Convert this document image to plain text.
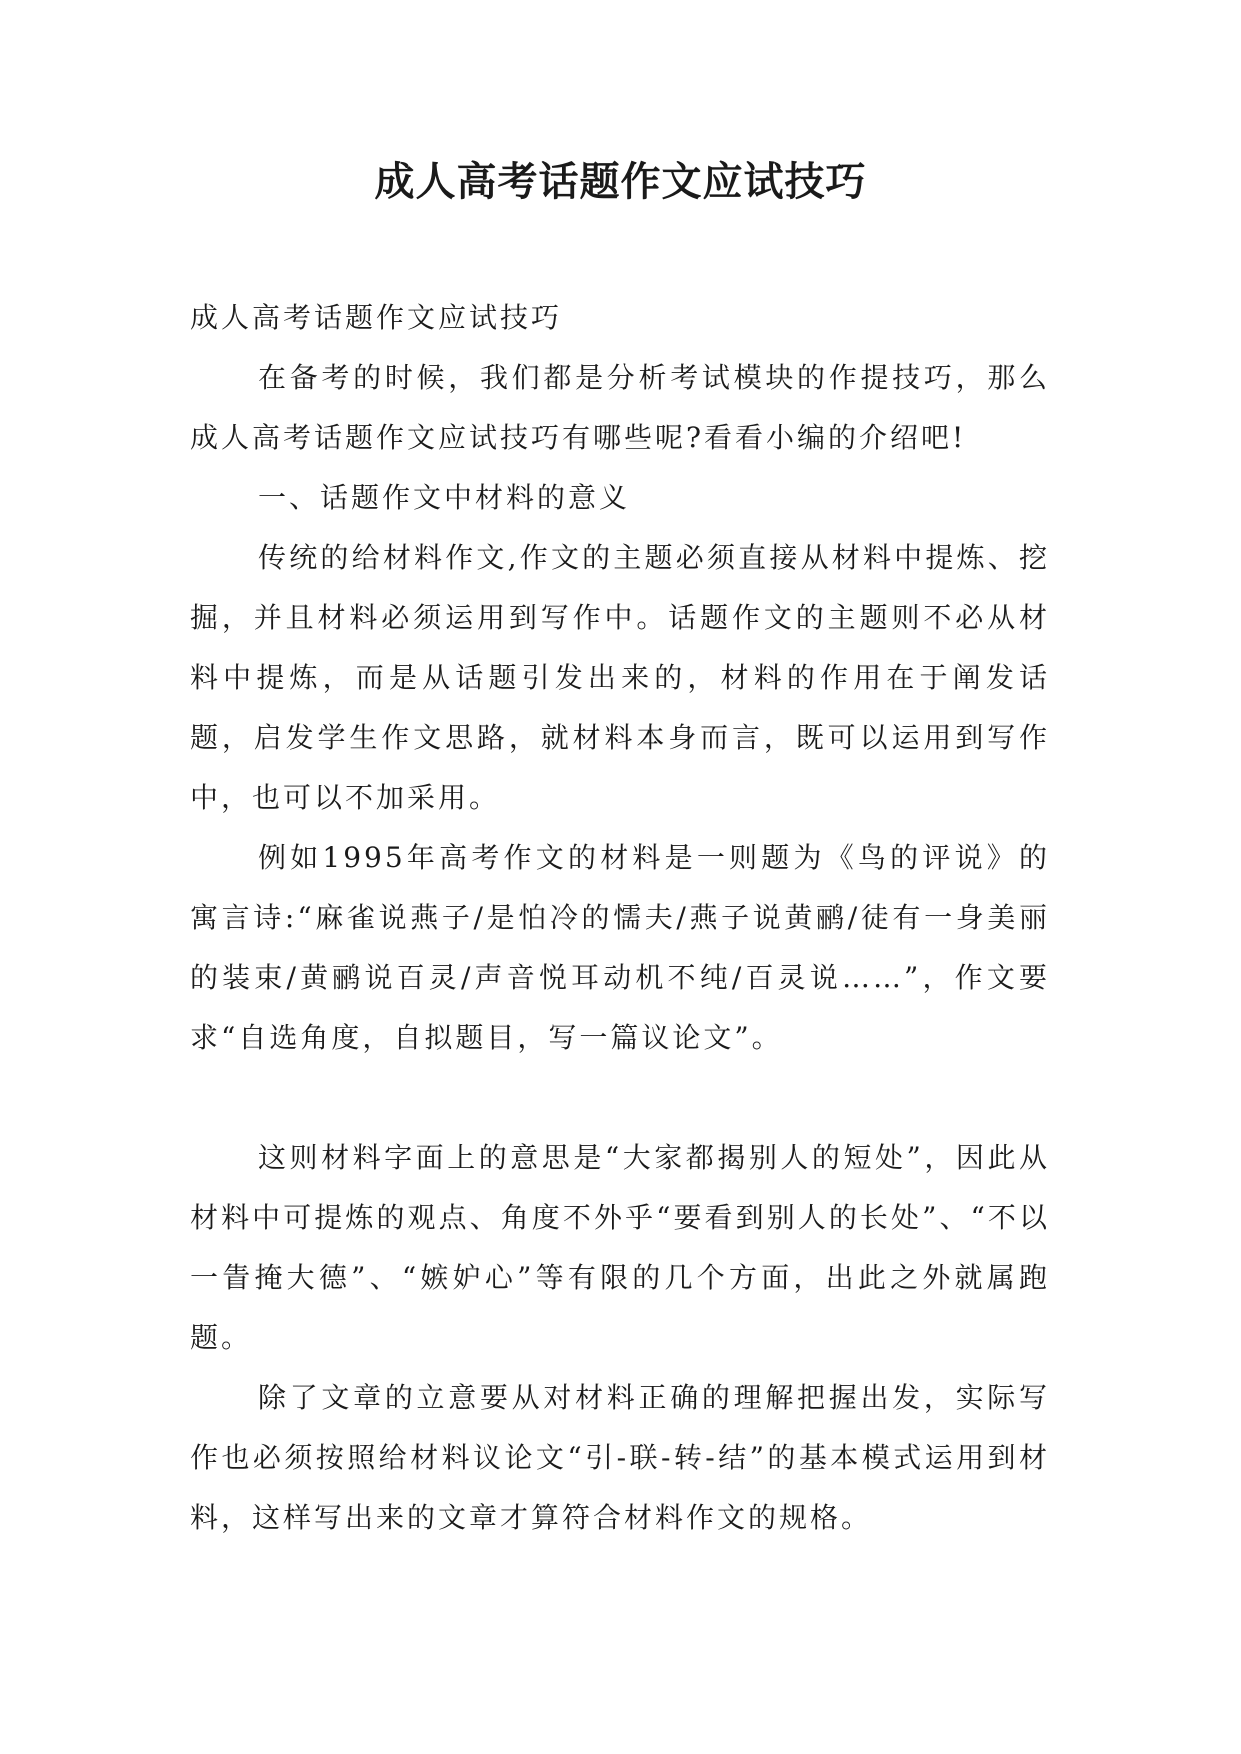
成人高考话题作文应试技巧

成人高考话题作文应试技巧

在备考的时候，我们都是分析考试模块的作提技巧，那么成人高考话题作文应试技巧有哪些呢?看看小编的介绍吧!

一、话题作文中材料的意义

传统的给材料作文,作文的主题必须直接从材料中提炼、挖掘，并且材料必须运用到写作中。话题作文的主题则不必从材料中提炼，而是从话题引发出来的，材料的作用在于阐发话题，启发学生作文思路，就材料本身而言，既可以运用到写作中，也可以不加采用。

例如1995年高考作文的材料是一则题为《鸟的评说》的寓言诗:“麻雀说燕子/是怕冷的懦夫/燕子说黄鹂/徒有一身美丽的装束/黄鹂说百灵/声音悦耳动机不纯/百灵说……”，作文要求“自选角度，自拟题目，写一篇议论文”。

这则材料字面上的意思是“大家都揭别人的短处”，因此从材料中可提炼的观点、角度不外乎“要看到别人的长处”、“不以一眚掩大德”、“嫉妒心”等有限的几个方面，出此之外就属跑题。

除了文章的立意要从对材料正确的理解把握出发，实际写作也必须按照给材料议论文“引-联-转-结”的基本模式运用到材料，这样写出来的文章才算符合材料作文的规格。
